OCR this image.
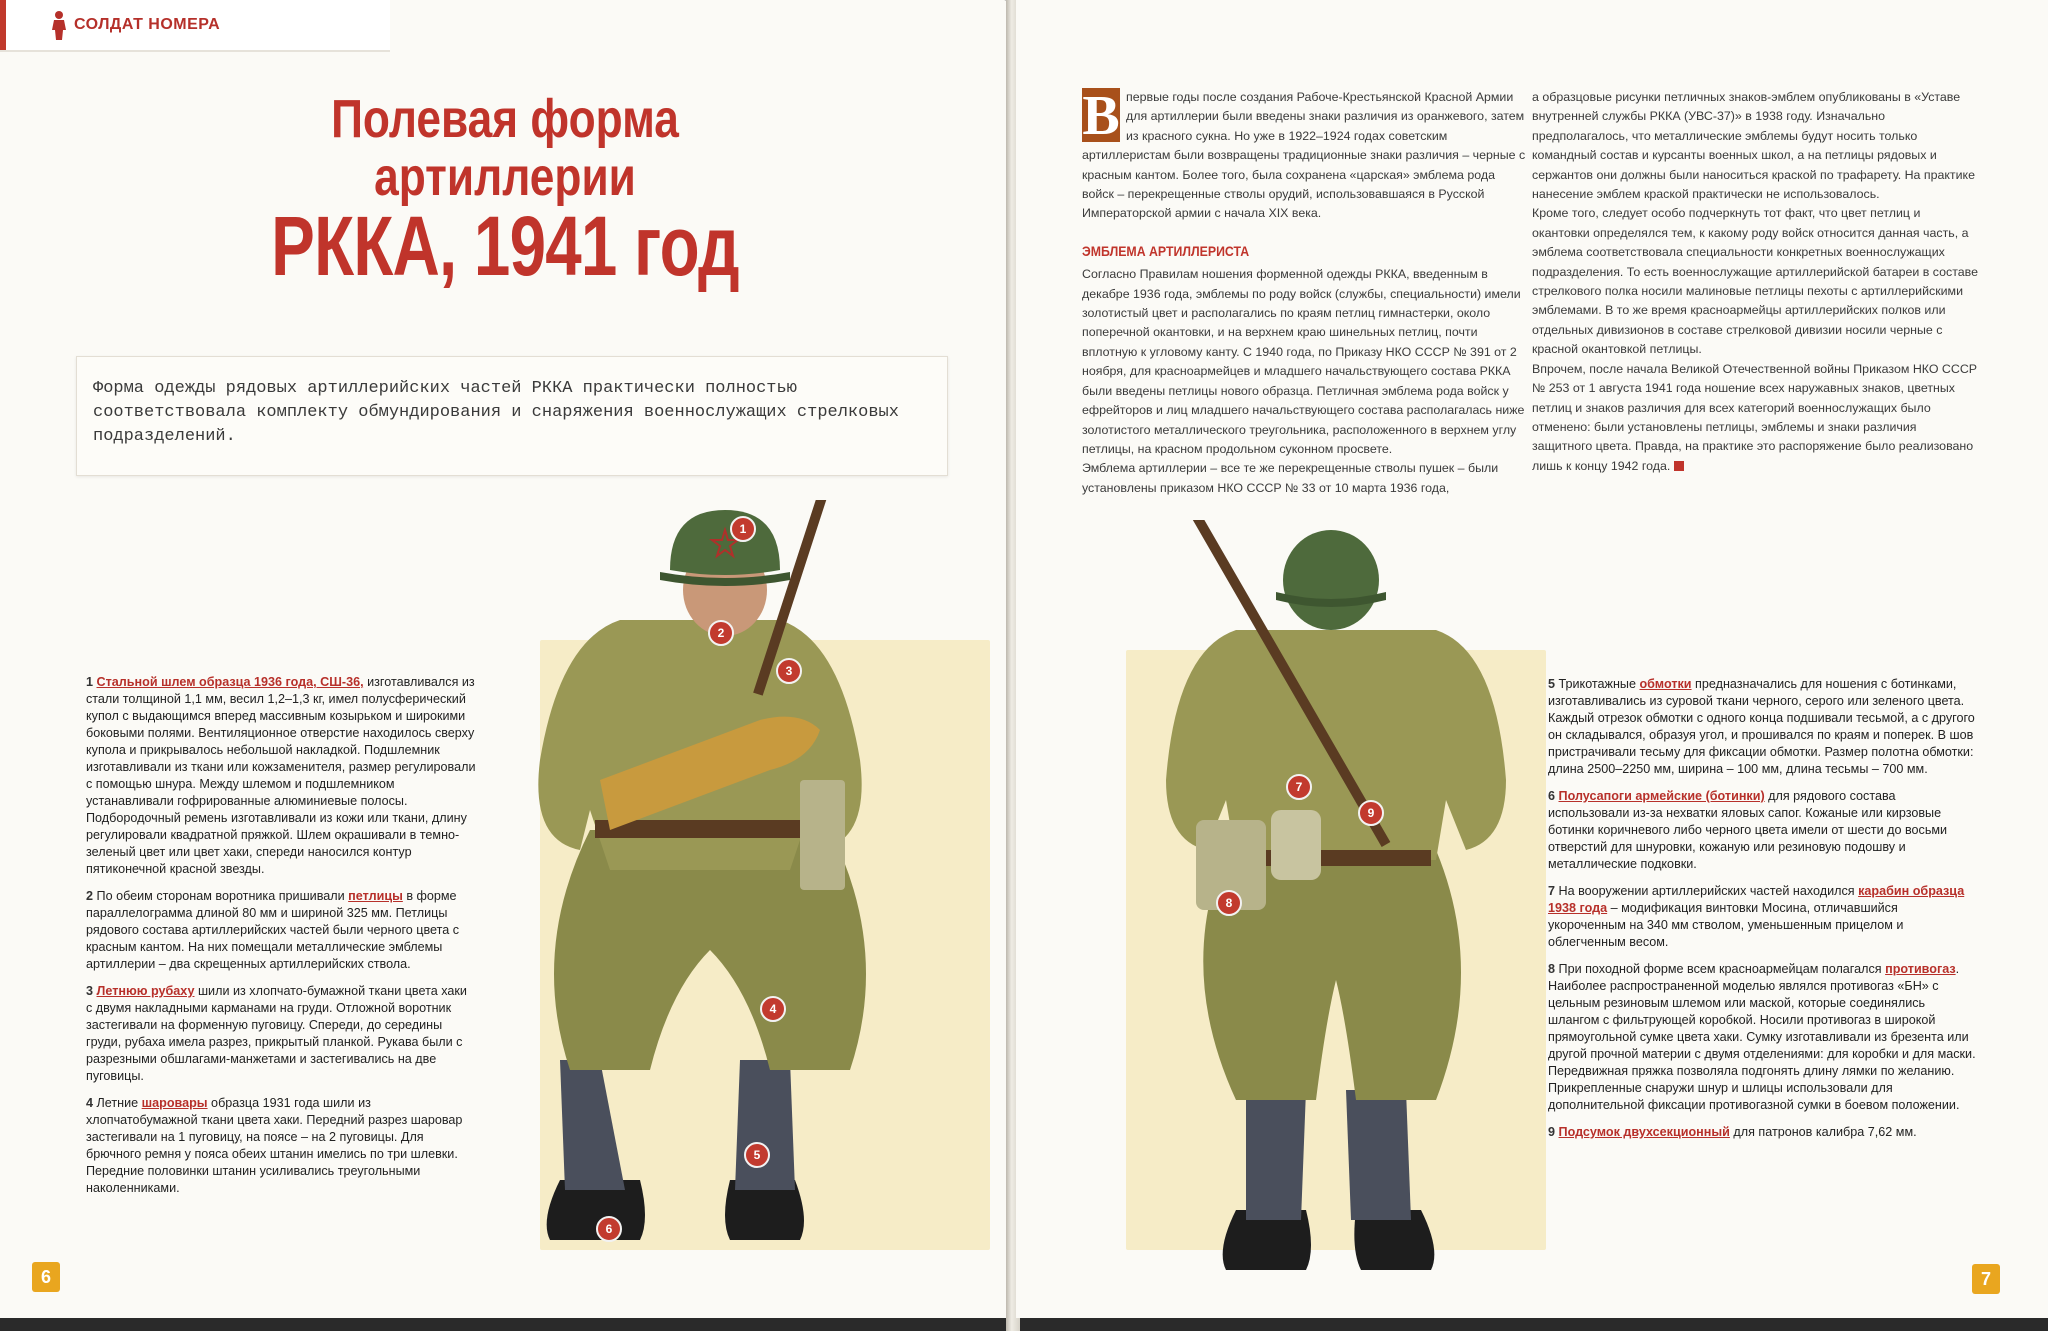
СОЛДАТ НОМЕРА
Полевая форма
артиллерии
РККА, 1941 год
Форма одежды рядовых артиллерийских частей РККА практически полностью соответствовала комплекту обмундирования и снаряжения военнослужащих стрелковых подразделений.
1
2
3
4
5
6

1 Стальной шлем образца 1936 года, СШ-36, изготавливался из стали толщиной 1,1 мм, весил 1,2–1,3 кг, имел полусферический купол с выдающимся вперед массивным козырьком и широкими боковыми полями. Вентиляционное отверстие находилось сверху купола и прикрывалось небольшой накладкой. Подшлемник изготавливали из ткани или кожзаменителя, размер регулировали с помощью шнура. Между шлемом и подшлемником устанавливали гофрированные алюминиевые полосы. Подбородочный ремень изготавливали из кожи или ткани, длину регулировали квадратной пряжкой. Шлем окрашивали в темно-зеленый цвет или цвет хаки, спереди наносился контур пятиконечной красной звезды.

2 По обеим сторонам воротника пришивали петлицы в форме параллелограмма длиной 80 мм и шириной 325 мм. Петлицы рядового состава артиллерийских частей были черного цвета с красным кантом. На них помещали металлические эмблемы артиллерии – два скрещенных артиллерийских ствола.

3 Летнюю рубаху шили из хлопчато-бумажной ткани цвета хаки с двумя накладными карманами на груди. Отложной воротник застегивали на форменную пуговицу. Спереди, до середины груди, рубаха имела разрез, прикрытый планкой. Рукава были с разрезными обшлагами-манжетами и застегивались на две пуговицы.

4 Летние шаровары образца 1931 года шили из хлопчатобумажной ткани цвета хаки. Передний разрез шаровар застегивали на 1 пуговицу, на поясе – на 2 пуговицы. Для брючного ремня у пояса обеих штанин имелись по три шлевки. Передние половинки штанин усиливались треугольными наколенниками.

6
В первые годы после создания Рабоче-Крестьянской Красной Армии для артиллерии были введены знаки различия из оранжевого, затем из красного сукна. Но уже в 1922–1924 годах советским артиллеристам были возвращены традиционные знаки различия – черные с красным кантом. Более того, была сохранена «царская» эмблема рода войск – перекрещенные стволы орудий, использовавшаяся в Русской Императорской армии с начала XIX века.

ЭМБЛЕМА АРТИЛЛЕРИСТА

Согласно Правилам ношения форменной одежды РККА, введенным в декабре 1936 года, эмблемы по роду войск (службы, специальности) имели золотистый цвет и располагались по краям петлиц гимнастерки, около поперечной окантовки, и на верхнем краю шинельных петлиц, почти вплотную к угловому канту. С 1940 года, по Приказу НКО СССР № 391 от 2 ноября, для красноармейцев и младшего начальствующего состава РККА были введены петлицы нового образца. Петличная эмблема рода войск у ефрейторов и лиц младшего начальствующего состава располагалась ниже золотистого металлического треугольника, расположенного в верхнем углу петлицы, на красном продольном суконном просвете.

Эмблема артиллерии – все те же перекрещенные стволы пушек – были установлены приказом НКО СССР № 33 от 10 марта 1936 года,

а образцовые рисунки петличных знаков-эмблем опубликованы в «Уставе внутренней службы РККА (УВС-37)» в 1938 году. Изначально предполагалось, что металлические эмблемы будут носить только командный состав и курсанты военных школ, а на петлицы рядовых и сержантов они должны были наноситься краской по трафарету. На практике нанесение эмблем краской практически не использовалось.

Кроме того, следует особо подчеркнуть тот факт, что цвет петлиц и окантовки определялся тем, к какому роду войск относится данная часть, а эмблема соответствовала специальности конкретных военнослужащих подразделения. То есть военнослужащие артиллерийской батареи в составе стрелкового полка носили малиновые петлицы пехоты с артиллерийскими эмблемами. В то же время красноармейцы артиллерийских полков или отдельных дивизионов в составе стрелковой дивизии носили черные с красной окантовкой петлицы.

Впрочем, после начала Великой Отечественной войны Приказом НКО СССР № 253 от 1 августа 1941 года ношение всех наружавных знаков, цветных петлиц и знаков различия для всех категорий военнослужащих было отменено: были установлены петлицы, эмблемы и знаки различия защитного цвета. Правда, на практике это распоряжение было реализовано лишь к концу 1942 года.

7
9
8

5 Трикотажные обмотки предназначались для ношения с ботинками, изготавливались из суровой ткани черного, серого или зеленого цвета. Каждый отрезок обмотки с одного конца подшивали тесьмой, а с другого он складывался, образуя угол, и прошивался по краям и поперек. В шов пристрачивали тесьму для фиксации обмотки. Размер полотна обмотки: длина 2500–2250 мм, ширина – 100 мм, длина тесьмы – 700 мм.

6 Полусапоги армейские (ботинки) для рядового состава использовали из-за нехватки яловых сапог. Кожаные или кирзовые ботинки коричневого либо черного цвета имели от шести до восьми отверстий для шнуровки, кожаную или резиновую подошву и металлические подковки.

7 На вооружении артиллерийских частей находился карабин образца 1938 года – модификация винтовки Мосина, отличавшийся укороченным на 340 мм стволом, уменьшенным прицелом и облегченным весом.

8 При походной форме всем красноармейцам полагался противогаз. Наиболее распространенной моделью являлся противогаз «БН» с цельным резиновым шлемом или маской, которые соединялись шлангом с фильтрующей коробкой. Носили противогаз в широкой прямоугольной сумке цвета хаки. Сумку изготавливали из брезента или другой прочной материи с двумя отделениями: для коробки и для маски. Передвижная пряжка позволяла подгонять длину лямки по желанию. Прикрепленные снаружи шнур и шлицы использовали для дополнительной фиксации противогазной сумки в боевом положении.

9 Подсумок двухсекционный для патронов калибра 7,62 мм.

7
